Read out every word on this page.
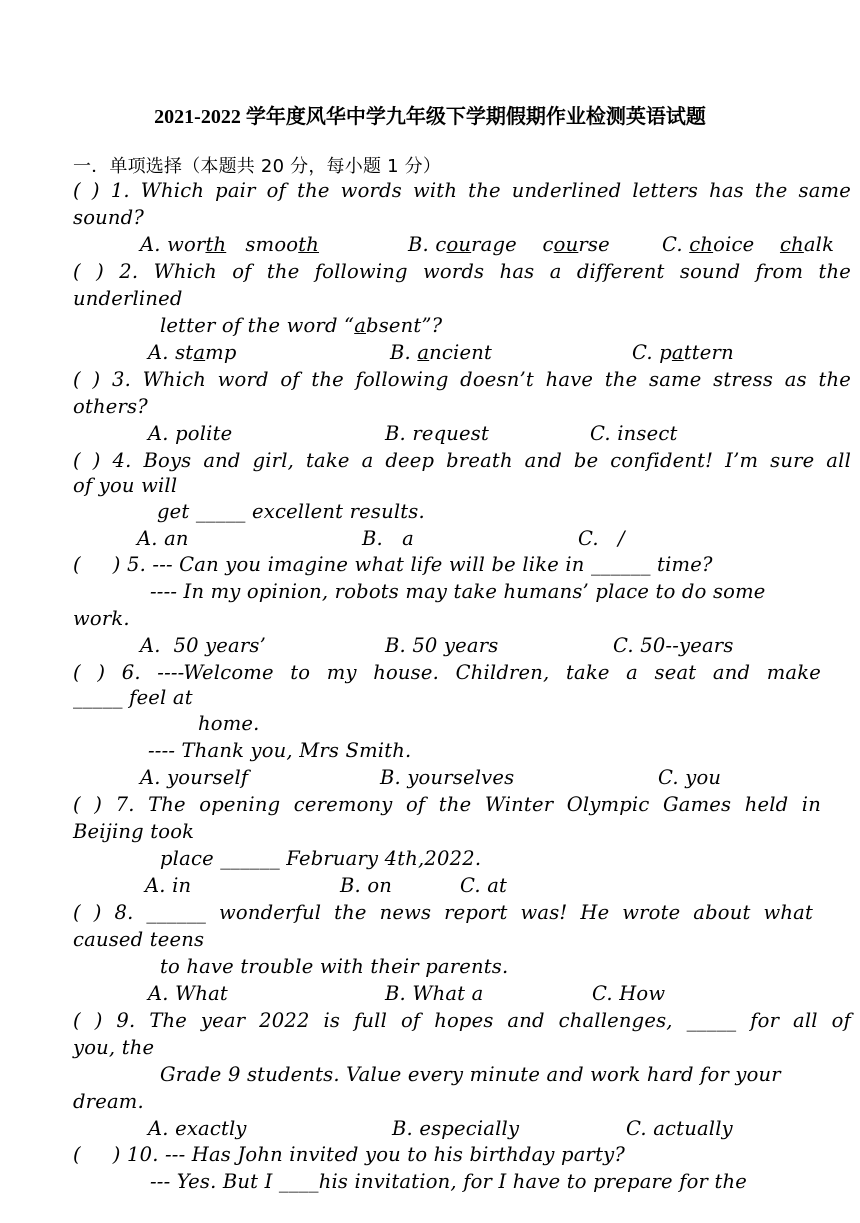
2021-2022 学年度风华中学九年级下学期假期作业检测英语试题
一．单项选择（本题共 20 分，每小题 1 分）
( ) 1. Which pair of the words with the underlined letters has the same
sound?
A. worth   smooth	B. courage    course	C. choice    chalk
( ) 2. Which of the following words has a different sound from the
underlined
letter of the word “absent”?
A. stamp	B. ancient	C. pattern
( ) 3. Which word of the following doesn’t have the same stress as the
others?
A. polite	B. request	C. insect
( ) 4. Boys and girl, take a deep breath and be confident! I’m sure all
of you will
get _____ excellent results.
A. an	B.   a	C.   /
(     ) 5. --- Can you imagine what life will be like in ______ time?
---- In my opinion, robots may take humans’ place to do some
work.
A.  50 years’	B. 50 years	C. 50--years
( ) 6. ----Welcome to my house. Children, take a seat and make
_____ feel at
home.
---- Thank you, Mrs Smith.
A. yourself	B. yourselves	C. you
( ) 7. The opening ceremony of the Winter Olympic Games held in
Beijing took
place ______ February 4th,2022.
A. in	B. on	C. at
( ) 8. ______ wonderful the news report was! He wrote about what
caused teens
to have trouble with their parents.
A. What	B. What a	C. How
( ) 9. The year 2022 is full of hopes and challenges, _____ for all of
you, the
Grade 9 students. Value every minute and work hard for your
dream.
A. exactly	B. especially	C. actually
(     ) 10. --- Has John invited you to his birthday party?
--- Yes. But I ____his invitation, for I have to prepare for the
